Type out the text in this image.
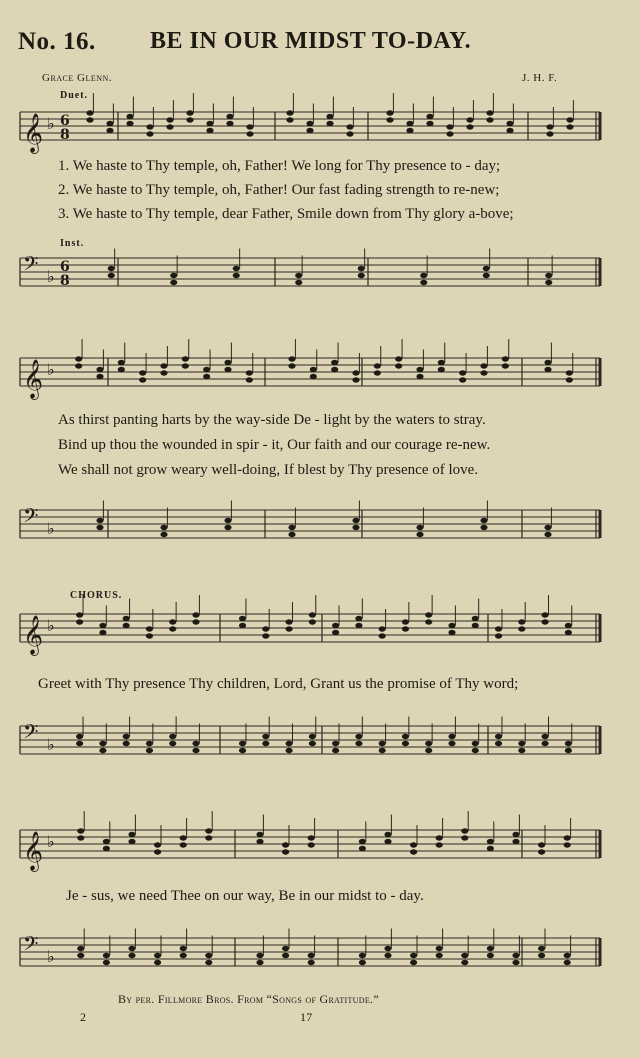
No. 16. BE IN OUR MIDST TO-DAY.
Grace Glenn.	J. H. F.
Duet.
𝄞 ♭ 6
8
1. We haste to Thy temple, oh, Father! We long for Thy presence to - day;
2. We haste to Thy temple, oh, Father! Our fast fading strength to re-new;
3. We haste to Thy temple, dear Father, Smile down from Thy glory a-bove;
Inst.
𝄢 ♭ 6
8
𝄞 ♭
As thirst panting harts by the way-side De - light by the waters to stray.
Bind up thou the wounded in spir - it, Our faith and our courage re-new.
We shall not grow weary well-doing, If blest by Thy presence of love.
𝄢 ♭
CHORUS.
𝄞 ♭
Greet with Thy presence Thy children, Lord, Grant us the promise of Thy word;
𝄢 ♭
𝄞 ♭
Je - sus, we need Thee on our way, Be in our midst to - day.
𝄢 ♭
By per. Fillmore Bros. From “Songs of Gratitude.”
2	17
